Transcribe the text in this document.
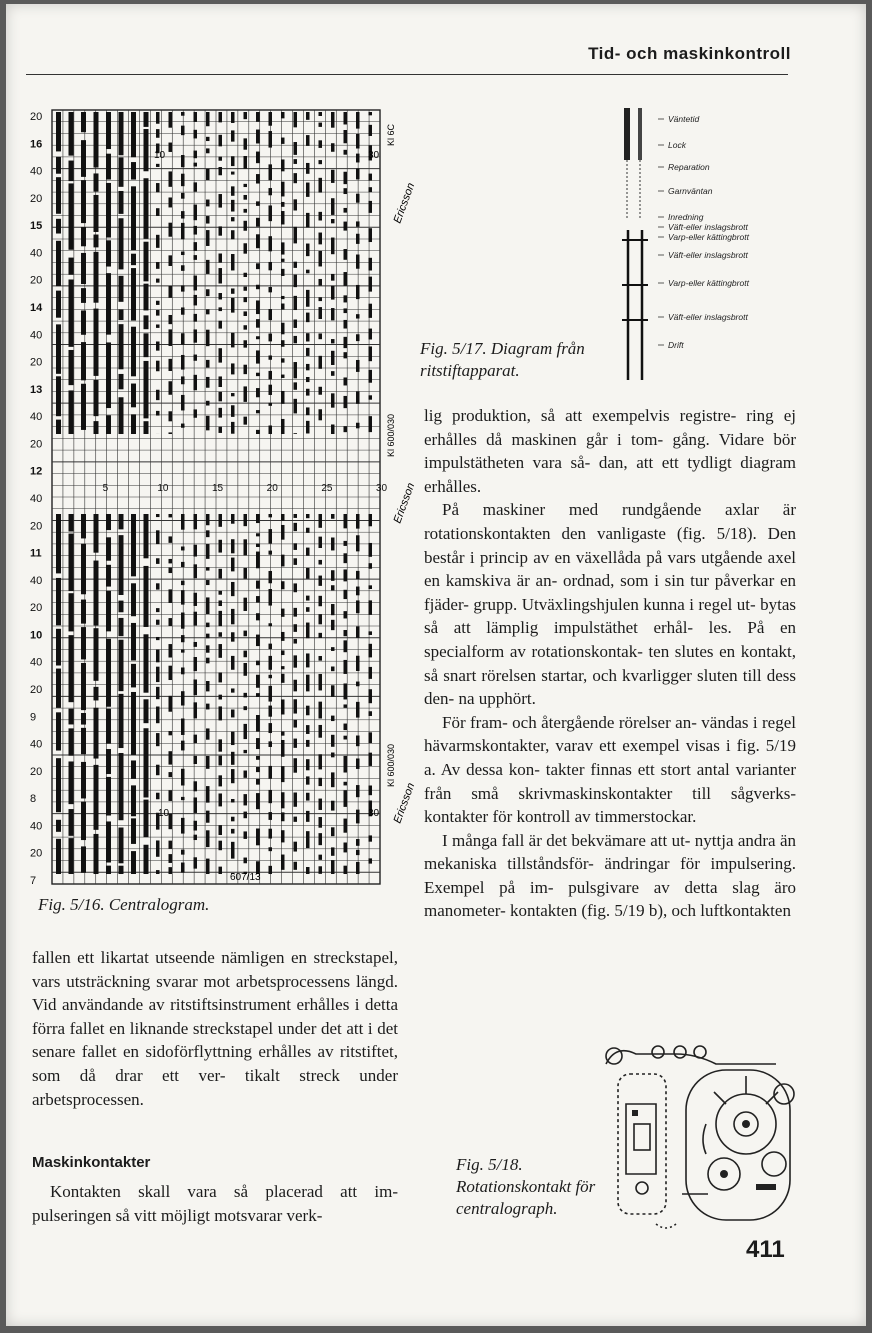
Tid- och maskinkontroll
20
16
40
20
15
40
20
14
40
20
13
40
20
12
40
20
11
40
20
10
40
20
9
40
20
8
40
20
7
5	10	15	20	25	30
10	30
10	30
607/13
Kl 6C
Kl 600/030
Kl 600/030
Ericsson
Ericsson
Ericsson
Fig. 5/16. Centralogram.
Väntetid
Lock
Reparation
Garnväntan
Inredning
Väft-eller inslagsbrott
Varp-eller kättingbrott
Väft-eller inslagsbrott
Varp-eller kättingbrott
Väft-eller inslagsbrott
Drift
Fig. 5/17. Diagram från ritstiftapparat.

lig produktion, så att exempelvis registre- ring ej erhålles då maskinen går i tom- gång. Vidare bör impulstätheten vara så- dan, att ett tydligt diagram erhålles.

På maskiner med rundgående axlar är rotationskontakten den vanligaste (fig. 5/18). Den består i princip av en växellåda på vars utgående axel en kamskiva är an- ordnad, som i sin tur påverkar en fjäder- grupp. Utväxlingshjulen kunna i regel ut- bytas så att lämplig impulstäthet erhål- les. På en specialform av rotationskontak- ten slutes en kontakt, så snart rörelsen startar, och kvarligger sluten till dess den- na upphört.

För fram- och återgående rörelser an- vändas i regel hävarmskontakter, varav ett exempel visas i fig. 5/19 a. Av dessa kon- takter finnas ett stort antal varianter från små skrivmaskinskontakter till sågverks- kontakter för kontroll av timmerstockar.

I många fall är det bekvämare att ut- nyttja andra än mekaniska tillståndsför- ändringar för impulsering. Exempel på im- pulsgivare av detta slag äro manometer- kontakten (fig. 5/19 b), och luftkontakten

fallen ett likartat utseende nämligen en streckstapel, vars utsträckning svarar mot arbetsprocessens längd. Vid användande av ritstiftsinstrument erhålles i detta förra fallet en liknande streckstapel under det att i det senare fallet en sidoförflyttning erhålles av ritstiftet, som då drar ett ver- tikalt streck under arbetsprocessen.

Maskinkontakter

Kontakten skall vara så placerad att im- pulseringen så vitt möjligt motsvarar verk-

Fig. 5/18. Rotationskontakt för centralograph.
411
